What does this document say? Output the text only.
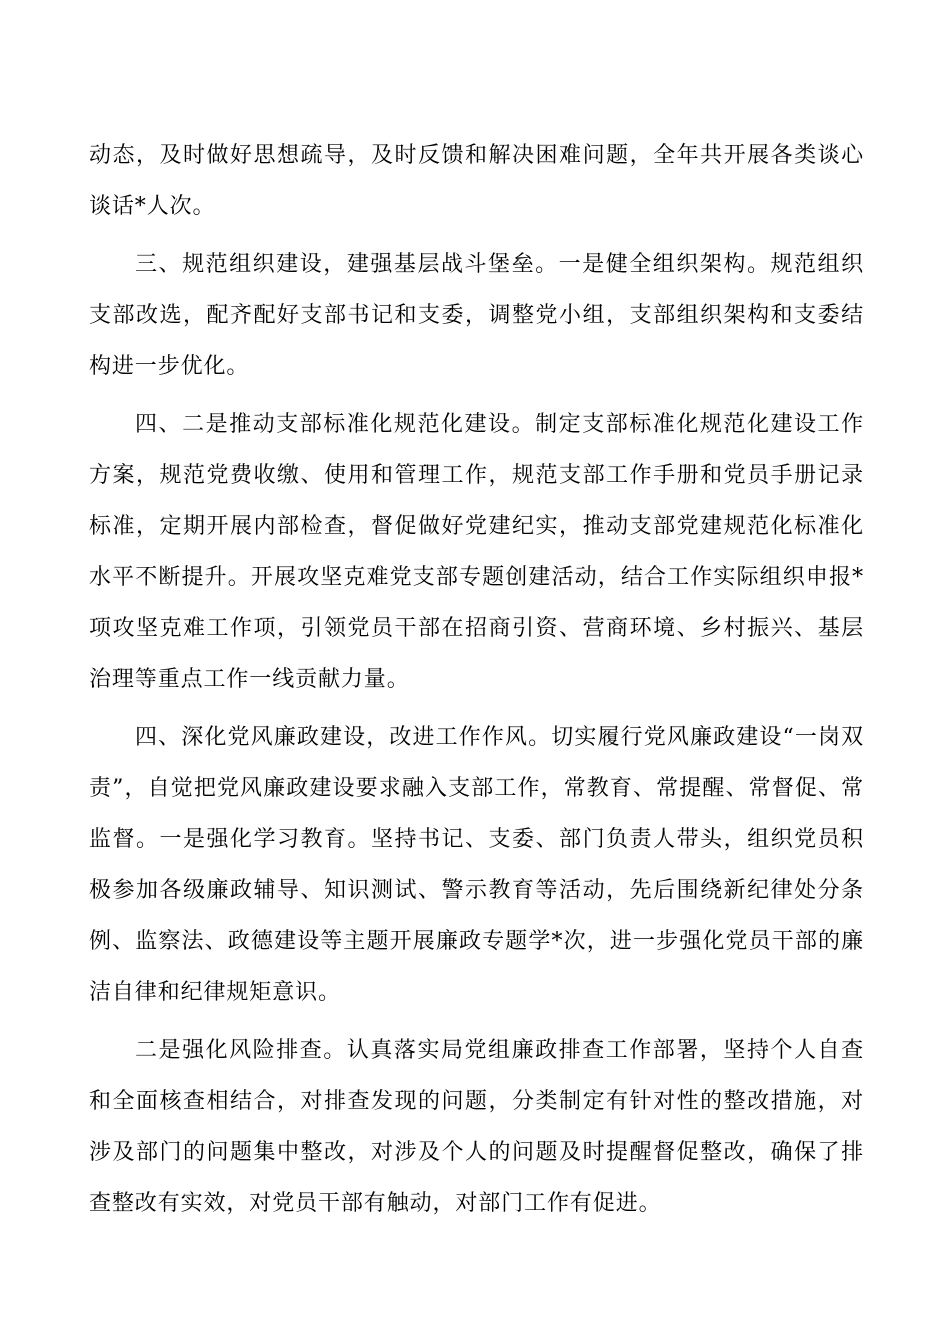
动态，及时做好思想疏导，及时反馈和解决困难问题，全年共开展各类谈心谈话*人次。

三、规范组织建设，建强基层战斗堡垒。一是健全组织架构。规范组织支部改选，配齐配好支部书记和支委，调整党小组，支部组织架构和支委结构进一步优化。

四、二是推动支部标准化规范化建设。制定支部标准化规范化建设工作方案，规范党费收缴、使用和管理工作，规范支部工作手册和党员手册记录标准，定期开展内部检查，督促做好党建纪实，推动支部党建规范化标准化水平不断提升。开展攻坚克难党支部专题创建活动，结合工作实际组织申报*项攻坚克难工作项，引领党员干部在招商引资、营商环境、乡村振兴、基层治理等重点工作一线贡献力量。

四、深化党风廉政建设，改进工作作风。切实履行党风廉政建设“一岗双责”，自觉把党风廉政建设要求融入支部工作，常教育、常提醒、常督促、常监督。一是强化学习教育。坚持书记、支委、部门负责人带头，组织党员积极参加各级廉政辅导、知识测试、警示教育等活动，先后围绕新纪律处分条例、监察法、政德建设等主题开展廉政专题学*次，进一步强化党员干部的廉洁自律和纪律规矩意识。

二是强化风险排查。认真落实局党组廉政排查工作部署，坚持个人自查和全面核查相结合，对排查发现的问题，分类制定有针对性的整改措施，对涉及部门的问题集中整改，对涉及个人的问题及时提醒督促整改，确保了排查整改有实效，对党员干部有触动，对部门工作有促进。
